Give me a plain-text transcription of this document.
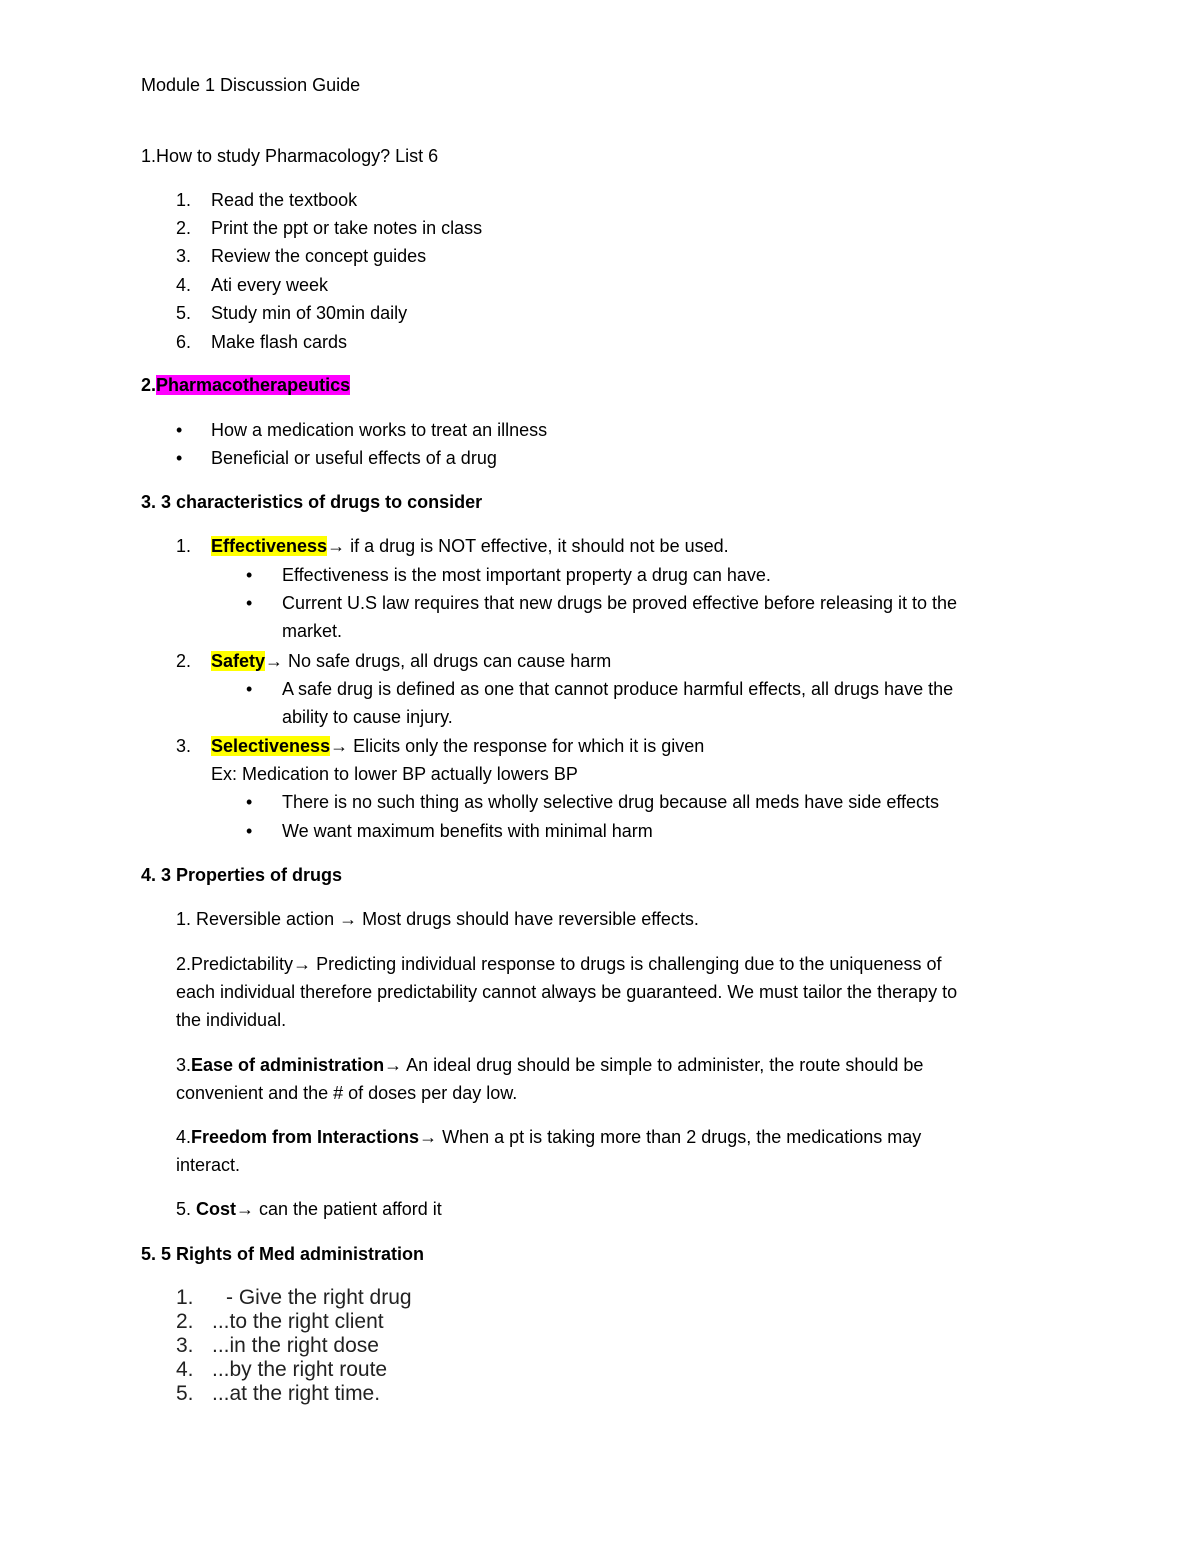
Module 1 Discussion Guide
1.How to study Pharmacology? List 6
1. Read the textbook
2. Print the ppt or take notes in class
3. Review the concept guides
4. Ati every week
5. Study min of 30min daily
6. Make flash cards
2.Pharmacotherapeutics
• How a medication works to treat an illness
• Beneficial or useful effects of a drug
3. 3 characteristics of drugs to consider
1. Effectiveness→ if a drug is NOT effective, it should not be used.
• Effectiveness is the most important property a drug can have.
• Current U.S law requires that new drugs be proved effective before releasing it to the
market.
2. Safety→ No safe drugs, all drugs can cause harm
• A safe drug is defined as one that cannot produce harmful effects, all drugs have the
ability to cause injury.
3. Selectiveness→ Elicits only the response for which it is given
Ex: Medication to lower BP actually lowers BP
• There is no such thing as wholly selective drug because all meds have side effects
• We want maximum benefits with minimal harm
4. 3 Properties of drugs
1. Reversible action → Most drugs should have reversible effects.
2.Predictability→ Predicting individual response to drugs is challenging due to the uniqueness of
each individual therefore predictability cannot always be guaranteed. We must tailor the therapy to
the individual.
3.Ease of administration→ An ideal drug should be simple to administer, the route should be
convenient and the # of doses per day low.
4.Freedom from Interactions→ When a pt is taking more than 2 drugs, the medications may
interact.
5. Cost→ can the patient afford it
5. 5 Rights of Med administration
1. - Give the right drug
2. ...to the right client
3. ...in the right dose
4. ...by the right route
5. ...at the right time.
